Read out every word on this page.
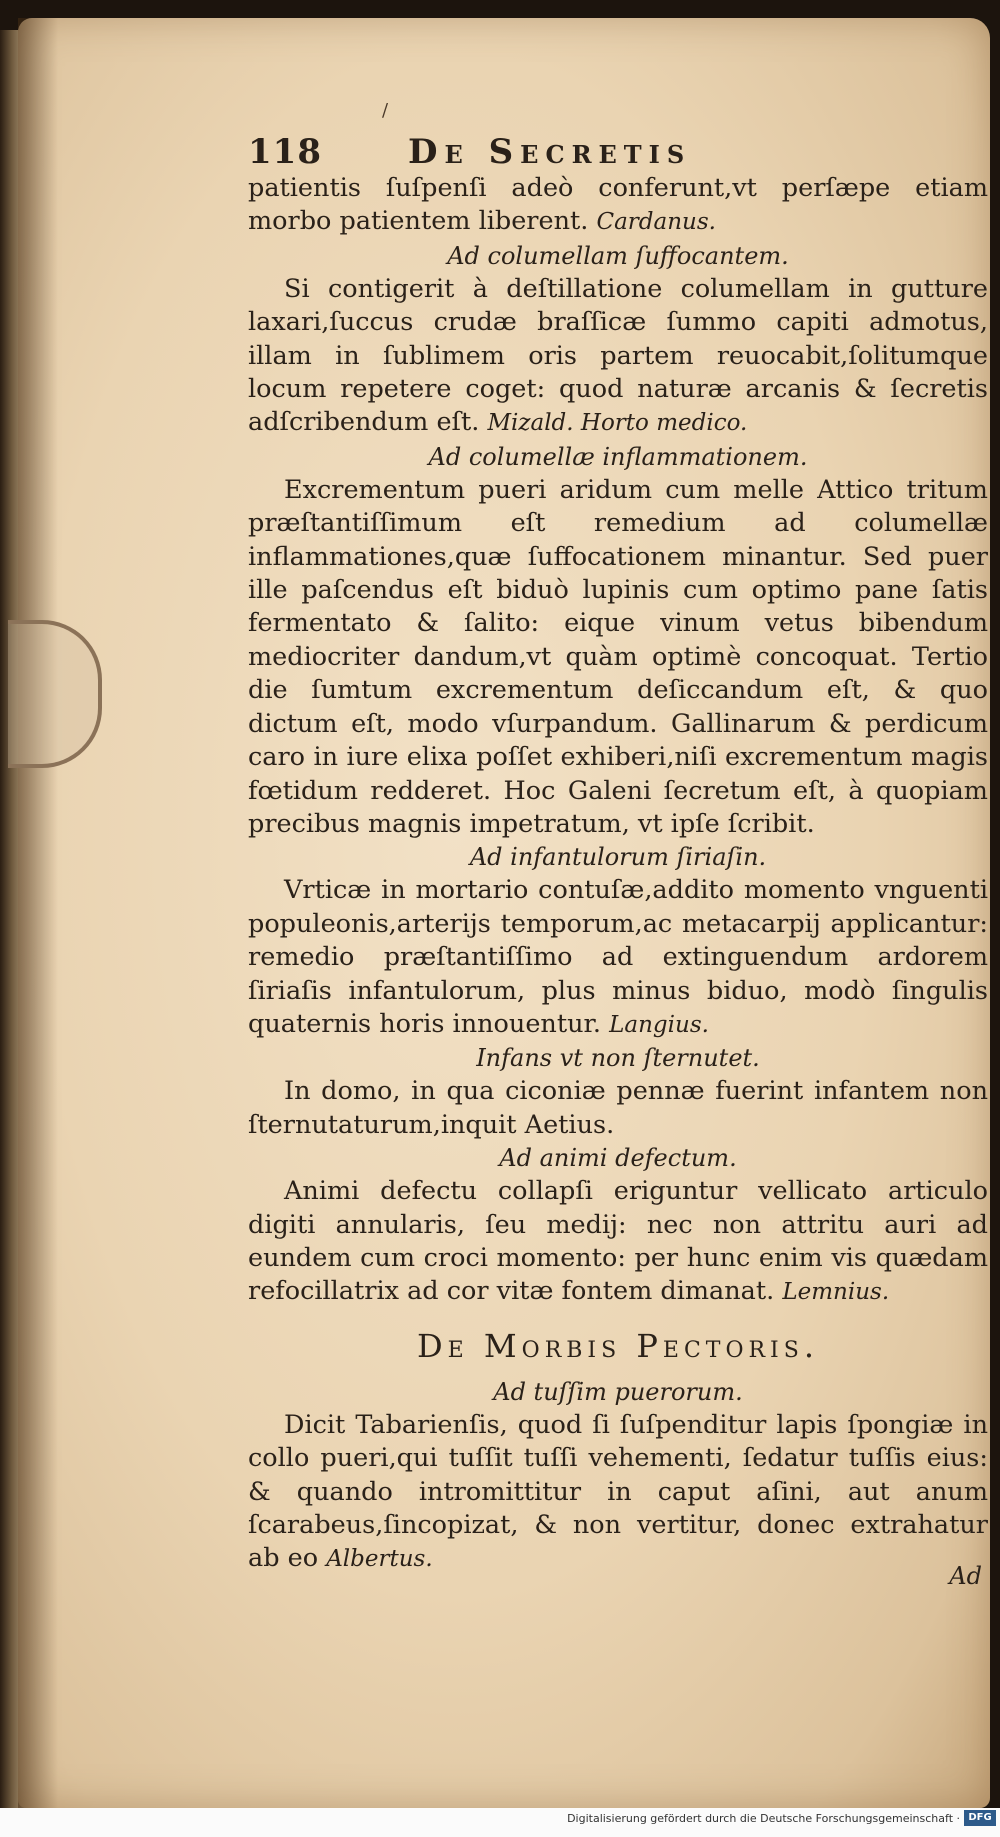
/
118	De Secretis

patientis ſuſpenſi adeò conferunt,vt perſæpe etiam morbo patientem liberent. Cardanus.

Ad columellam ſuffocantem.

Si contigerit à deſtillatione columellam in gutture laxari,ſuccus crudæ braſſicæ ſummo capiti admotus, illam in ſublimem oris partem reuocabit,ſolitumque locum repetere coget: quod naturæ arcanis & ſecretis adſcribendum eſt. Mizald. Horto medico.

Ad columellæ inflammationem.

Excrementum pueri aridum cum melle Attico tritum præſtantiſſimum eſt remedium ad columellæ inflammationes,quæ ſuffocationem minantur. Sed puer ille paſcendus eſt biduò lupinis cum optimo pane ſatis fermentato & ſalito: eique vinum vetus bibendum mediocriter dandum,vt quàm optimè concoquat. Tertio die ſumtum excrementum deſiccandum eſt, & quo dictum eſt, modo vſurpandum. Gallinarum & perdicum caro in iure elixa poſſet exhiberi,niſi excrementum magis fœtidum redderet. Hoc Galeni ſecretum eſt, à quopiam precibus magnis impetratum, vt ipſe ſcribit.

Ad infantulorum ſiriaſin.

Vrticæ in mortario contuſæ,addito momento vnguenti populeonis,arterijs temporum,ac metacarpij applicantur: remedio præſtantiſſimo ad extinguendum ardorem ſiriaſis infantulorum, plus minus biduo, modò ſingulis quaternis horis innouentur. Langius.

Infans vt non ſternutet.

In domo, in qua ciconiæ pennæ fuerint infantem non ſternutaturum,inquit Aetius.

Ad animi defectum.

Animi defectu collapſi eriguntur vellicato articulo digiti annularis, ſeu medij: nec non attritu auri ad eundem cum croci momento: per hunc enim vis quædam refocillatrix ad cor vitæ fontem dimanat. Lemnius.

De Morbis Pectoris.

Ad tuſſim puerorum.

Dicit Tabarienſis, quod ſi ſuſpenditur lapis ſpongiæ in collo pueri,qui tuſſit tuſſi vehementi, ſedatur tuſſis eius: & quando intromittitur in caput aſini, aut anum ſcarabeus,ſincopizat, & non vertitur, donec extrahatur ab eo Albertus.

Ad
Digitalisierung gefördert durch die Deutsche Forschungsgemeinschaft · DFG
